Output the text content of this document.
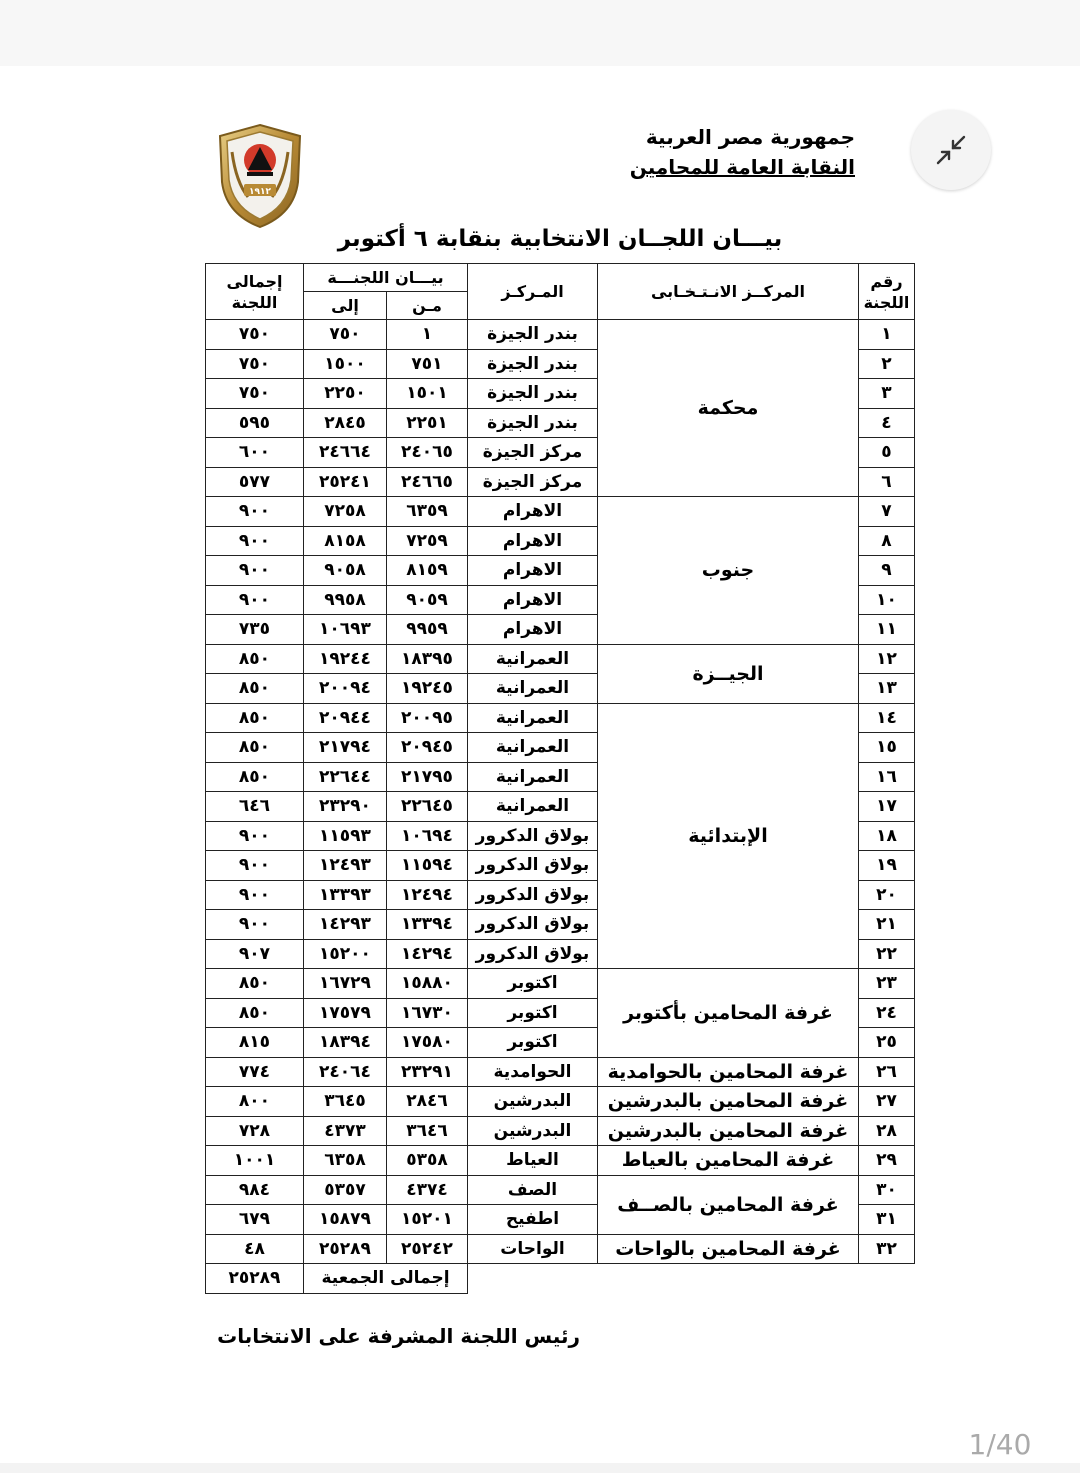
جمهورية مصر العربية
النقابة العامة للمحامين
١٩١٢
بيـــان اللجــان الانتخابية بنقابة ٦ أكتوبر
رقم اللجنة	المركــز الانـتـخـابى	المـركـز	بيـــان اللجنـــة		إجمالى اللجنة
			مـن	إلى	
١	محكمة	بندر الجيزة	١	٧٥٠	٧٥٠
٢		بندر الجيزة	٧٥١	١٥٠٠	٧٥٠
٣		بندر الجيزة	١٥٠١	٢٢٥٠	٧٥٠
٤		بندر الجيزة	٢٢٥١	٢٨٤٥	٥٩٥
٥		مركز الجيزة	٢٤٠٦٥	٢٤٦٦٤	٦٠٠
٦		مركز الجيزة	٢٤٦٦٥	٢٥٢٤١	٥٧٧
٧	جنوب	الاهرام	٦٣٥٩	٧٢٥٨	٩٠٠
٨		الاهرام	٧٢٥٩	٨١٥٨	٩٠٠
٩		الاهرام	٨١٥٩	٩٠٥٨	٩٠٠
١٠		الاهرام	٩٠٥٩	٩٩٥٨	٩٠٠
١١		الاهرام	٩٩٥٩	١٠٦٩٣	٧٣٥
١٢	الجيــزة	العمرانية	١٨٣٩٥	١٩٢٤٤	٨٥٠
١٣		العمرانية	١٩٢٤٥	٢٠٠٩٤	٨٥٠
١٤	الإبتدائية	العمرانية	٢٠٠٩٥	٢٠٩٤٤	٨٥٠
١٥		العمرانية	٢٠٩٤٥	٢١٧٩٤	٨٥٠
١٦		العمرانية	٢١٧٩٥	٢٢٦٤٤	٨٥٠
١٧		العمرانية	٢٢٦٤٥	٢٣٢٩٠	٦٤٦
١٨		بولاق الدكرور	١٠٦٩٤	١١٥٩٣	٩٠٠
١٩		بولاق الدكرور	١١٥٩٤	١٢٤٩٣	٩٠٠
٢٠		بولاق الدكرور	١٢٤٩٤	١٣٣٩٣	٩٠٠
٢١		بولاق الدكرور	١٣٣٩٤	١٤٢٩٣	٩٠٠
٢٢		بولاق الدكرور	١٤٢٩٤	١٥٢٠٠	٩٠٧
٢٣	غرفة المحامين بأكتوبر	اكتوبر	١٥٨٨٠	١٦٧٢٩	٨٥٠
٢٤		اكتوبر	١٦٧٣٠	١٧٥٧٩	٨٥٠
٢٥		اكتوبر	١٧٥٨٠	١٨٣٩٤	٨١٥
٢٦	غرفة المحامين بالحوامدية	الحوامدية	٢٣٢٩١	٢٤٠٦٤	٧٧٤
٢٧	غرفة المحامين بالبدرشين	البدرشين	٢٨٤٦	٣٦٤٥	٨٠٠
٢٨	غرفة المحامين بالبدرشين	البدرشين	٣٦٤٦	٤٣٧٣	٧٢٨
٢٩	غرفة المحامين بالعياط	العياط	٥٣٥٨	٦٣٥٨	١٠٠١
٣٠	غرفة المحامين بالصــف	الصف	٤٣٧٤	٥٣٥٧	٩٨٤
٣١		اطفيح	١٥٢٠١	١٥٨٧٩	٦٧٩
٣٢	غرفة المحامين بالواحات	الواحات	٢٥٢٤٢	٢٥٢٨٩	٤٨
			إجمالى الجمعية		٢٥٢٨٩
رئيس اللجنة المشرفة على الانتخابات
1/40
